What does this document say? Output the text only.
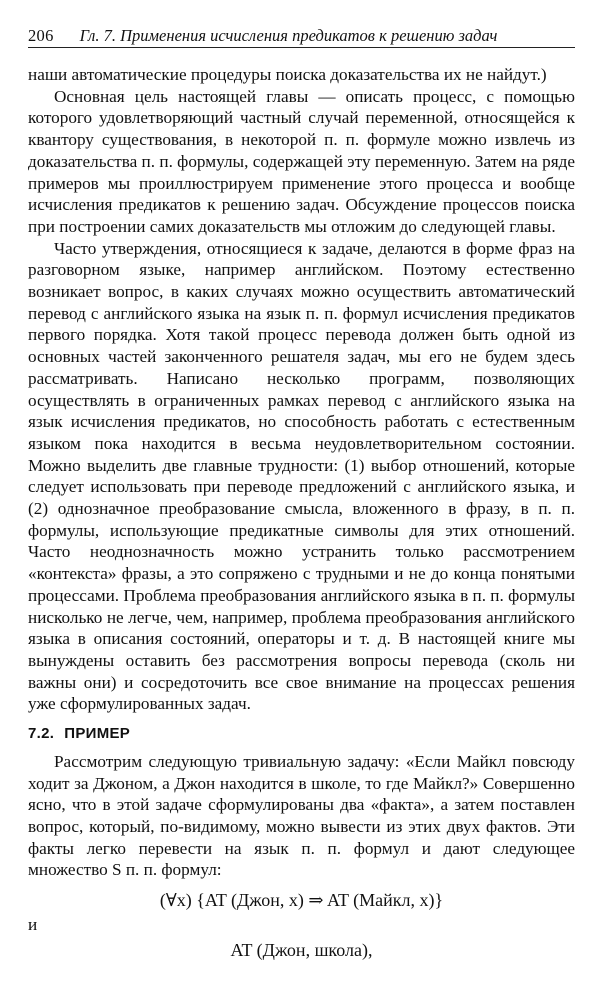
206 Гл. 7. Применения исчисления предикатов к решению задач

наши автоматические процедуры поиска доказательства их не найдут.)

Основная цель настоящей главы — описать процесс, с помощью которого удовлетворяющий частный случай переменной, относящейся к квантору существования, в некоторой п. п. формуле можно извлечь из доказательства п. п. формулы, содержащей эту переменную. Затем на ряде примеров мы проиллюстрируем применение этого процесса и вообще исчисления предикатов к решению задач. Обсуждение процессов поиска при построении самих доказательств мы отложим до следующей главы.

Часто утверждения, относящиеся к задаче, делаются в форме фраз на разговорном языке, например английском. Поэтому естественно возникает вопрос, в каких случаях можно осуществить автоматический перевод с английского языка на язык п. п. формул исчисления предикатов первого порядка. Хотя такой процесс перевода должен быть одной из основных частей законченного решателя задач, мы его не будем здесь рассматривать. Написано несколько программ, позволяющих осуществлять в ограниченных рамках перевод с английского языка на язык исчисления предикатов, но способность работать с естественным языком пока находится в весьма неудовлетворительном состоянии. Можно выделить две главные трудности: (1) выбор отношений, которые следует использовать при переводе предложений с английского языка, и (2) однозначное преобразование смысла, вложенного в фразу, в п. п. формулы, использующие предикатные символы для этих отношений. Часто неоднозначность можно устранить только рассмотрением «контекста» фразы, а это сопряжено с трудными и не до конца понятыми процессами. Проблема преобразования английского языка в п. п. формулы нисколько не легче, чем, например, проблема преобразования английского языка в описания состояний, операторы и т. д. В настоящей книге мы вынуждены оставить без рассмотрения вопросы перевода (сколь ни важны они) и сосредоточить все свое внимание на процессах решения уже сформулированных задач.

7.2. ПРИМЕР

Рассмотрим следующую тривиальную задачу: «Если Майкл повсюду ходит за Джоном, а Джон находится в школе, то где Майкл?» Совершенно ясно, что в этой задаче сформулированы два «факта», а затем поставлен вопрос, который, по-видимому, можно вывести из этих двух фактов. Эти факты легко перевести на язык п. п. формул и дают следующее множество S п. п. формул:

(∀x) {AT (Джон, x) ⇒ AT (Майкл, x)}
и
AT (Джон, школа),
